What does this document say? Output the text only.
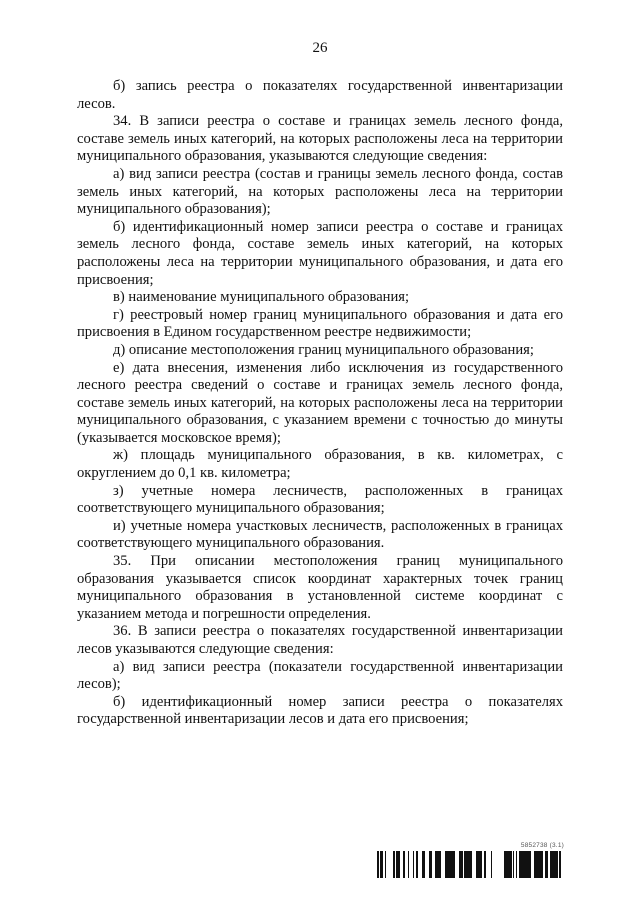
26

б) запись реестра о показателях государственной инвентаризации лесов.

34. В записи реестра о составе и границах земель лесного фонда, составе земель иных категорий, на которых расположены леса на территории муниципального образования, указываются следующие сведения:

а) вид записи реестра (состав и границы земель лесного фонда, состав земель иных категорий, на которых расположены леса на территории муниципального образования);

б) идентификационный номер записи реестра о составе и границах земель лесного фонда, составе земель иных категорий, на которых расположены леса на территории муниципального образования, и дата его присвоения;

в) наименование муниципального образования;

г) реестровый номер границ муниципального образования и дата его присвоения в Едином государственном реестре недвижимости;

д) описание местоположения границ муниципального образования;

е) дата внесения, изменения либо исключения из государственного лесного реестра сведений о составе и границах земель лесного фонда, составе земель иных категорий, на которых расположены леса на территории муниципального образования, с указанием времени с точностью до минуты (указывается московское время);

ж) площадь муниципального образования, в кв. километрах, с округлением до 0,1 кв. километра;

з) учетные номера лесничеств, расположенных в границах соответствующего муниципального образования;

и) учетные номера участковых лесничеств, расположенных в границах соответствующего муниципального образования.

35. При описании местоположения границ муниципального образования указывается список координат характерных точек границ муниципального образования в установленной системе координат с указанием метода и погрешности определения.

36. В записи реестра о показателях государственной инвентаризации лесов указываются следующие сведения:

а) вид записи реестра (показатели государственной инвентаризации лесов);

б) идентификационный номер записи реестра о показателях государственной инвентаризации лесов и дата его присвоения;

5852738 (3.1)
